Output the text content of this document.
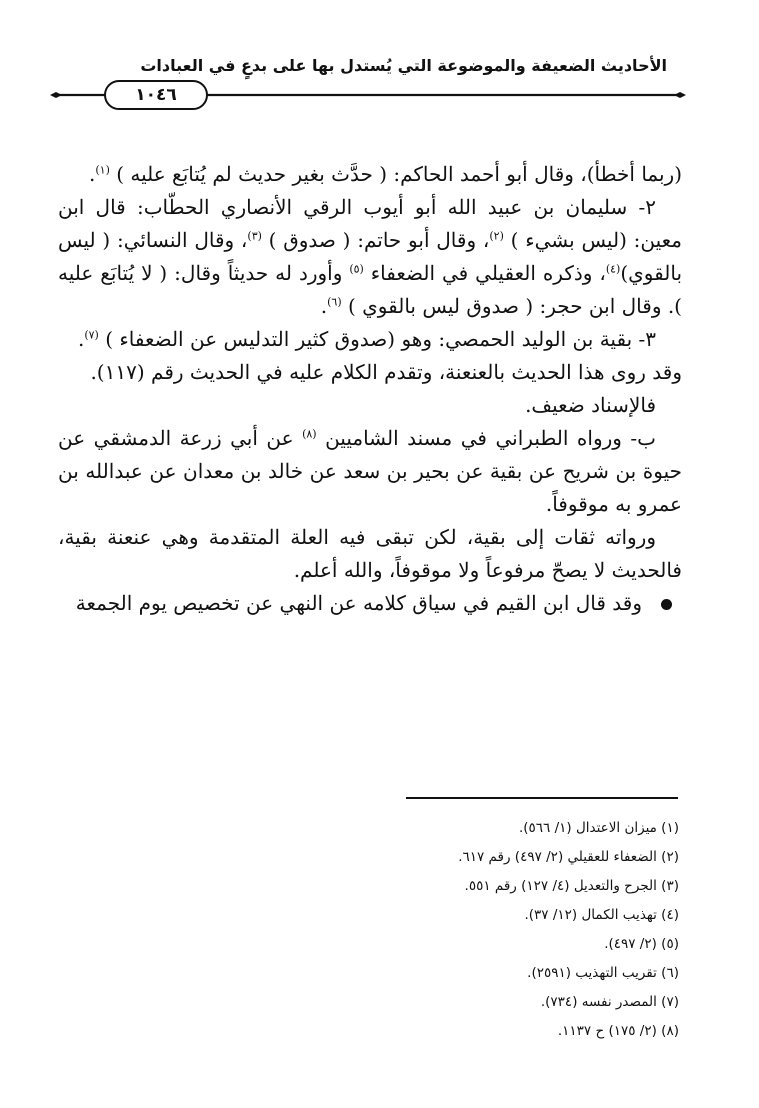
الأحاديث الضعيفة والموضوعة التي يُستدل بها على بدعٍ في العبادات
١٠٤٦

(ربما أخطأ)، وقال أبو أحمد الحاكم: ( حدَّث بغير حديث لم يُتابَع عليه ) $^{(١)}$.

٢- سليمان بن عبيد الله أبو أيوب الرقي الأنصاري الحطّاب: قال ابن معين: (ليس بشيء ) $^{(٢)}$، وقال أبو حاتم: ( صدوق ) $^{(٣)}$، وقال النسائي: ( ليس بالقوي)$^{(٤)}$، وذكره العقيلي في الضعفاء $^{(٥)}$ وأورد له حديثاً وقال: ( لا يُتابَع عليه ). وقال ابن حجر: ( صدوق ليس بالقوي ) $^{(٦)}$.

٣- بقية بن الوليد الحمصي: وهو (صدوق كثير التدليس عن الضعفاء ) $^{(٧)}$.

وقد روى هذا الحديث بالعنعنة، وتقدم الكلام عليه في الحديث رقم (١١٧).

فالإسناد ضعيف.

ب- ورواه الطبراني في مسند الشاميين $^{(٨)}$ عن أبي زرعة الدمشقي عن حيوة بن شريح عن بقية عن بحير بن سعد عن خالد بن معدان عن عبدالله بن عمرو به موقوفاً.

ورواته ثقات إلى بقية، لكن تبقى فيه العلة المتقدمة وهي عنعنة بقية، فالحديث لا يصحّ مرفوعاً ولا موقوفاً، والله أعلم.

وقد قال ابن القيم في سياق كلامه عن النهي عن تخصيص يوم الجمعة

(١) ميزان الاعتدال (١/ ٥٦٦).
(٢) الضعفاء للعقيلي (٢/ ٤٩٧) رقم ٦١٧.
(٣) الجرح والتعديل (٤/ ١٢٧) رقم ٥٥١.
(٤) تهذيب الكمال (١٢/ ٣٧).
(٥) (٢/ ٤٩٧).
(٦) تقريب التهذيب (٢٥٩١).
(٧) المصدر نفسه (٧٣٤).
(٨) (٢/ ١٧٥) ح ١١٣٧.
